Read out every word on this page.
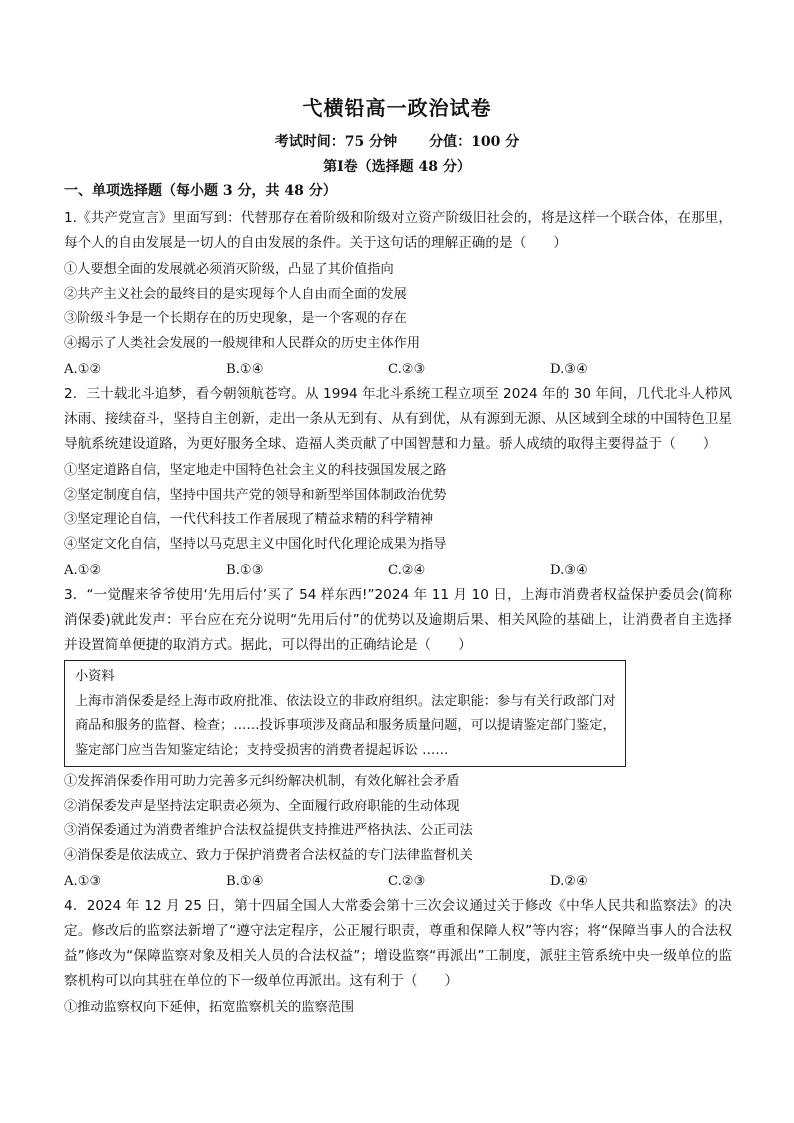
弋横铅高一政治试卷
考试时间：75 分钟 分值：100 分
第Ⅰ卷（选择题 48 分）
一、单项选择题（每小题 3 分，共 48 分）

1.《共产党宣言》里面写到：代替那存在着阶级和阶级对立资产阶级旧社会的，将是这样一个联合体，在那里，每个人的自由发展是一切人的自由发展的条件。关于这句话的理解正确的是（　　）

①人要想全面的发展就必须消灭阶级，凸显了其价值指向

②共产主义社会的最终目的是实现每个人自由而全面的发展

③阶级斗争是一个长期存在的历史现象，是一个客观的存在

④揭示了人类社会发展的一般规律和人民群众的历史主体作用

A.①②	B.①④	C.②③	D.③④

2．三十载北斗追梦，看今朝领航苍穹。从 1994 年北斗系统工程立项至 2024 年的 30 年间，几代北斗人栉风沐雨、接续奋斗，坚持自主创新，走出一条从无到有、从有到优，从有源到无源、从区域到全球的中国特色卫星导航系统建设道路，为更好服务全球、造福人类贡献了中国智慧和力量。骄人成绩的取得主要得益于（　　）

①坚定道路自信，坚定地走中国特色社会主义的科技强国发展之路

②坚定制度自信，坚持中国共产党的领导和新型举国体制政治优势

③坚定理论自信，一代代科技工作者展现了精益求精的科学精神

④坚定文化自信，坚持以马克思主义中国化时代化理论成果为指导

A.①②	B.①③	C.②④	D.③④

3．“一觉醒来爷爷使用‘先用后付’买了 54 样东西!”2024 年 11 月 10 日，上海市消费者权益保护委员会(简称消保委)就此发声：平台应在充分说明“先用后付”的优势以及逾期后果、相关风险的基础上，让消费者自主选择并设置简单便捷的取消方式。据此，可以得出的正确结论是（　　）

小资料

上海市消保委是经上海市政府批准、依法设立的非政府组织。法定职能：参与有关行政部门对商品和服务的监督、检查；……投诉事项涉及商品和服务质量问题，可以提请鉴定部门鉴定，鉴定部门应当告知鉴定结论；支持受损害的消费者提起诉讼 ……

①发挥消保委作用可助力完善多元纠纷解决机制，有效化解社会矛盾

②消保委发声是坚持法定职责必须为、全面履行政府职能的生动体现

③消保委通过为消费者维护合法权益提供支持推进严格执法、公正司法

④消保委是依法成立、致力于保护消费者合法权益的专门法律监督机关

A.①③	B.①④	C.②③	D.②④

4．2024 年 12 月 25 日，第十四届全国人大常委会第十三次会议通过关于修改《中华人民共和监察法》的决定。修改后的监察法新增了“遵守法定程序，公正履行职责，尊重和保障人权”等内容；将“保障当事人的合法权益”修改为“保障监察对象及相关人员的合法权益”；增设监察“再派出”工制度，派驻主管系统中央一级单位的监察机构可以向其驻在单位的下一级单位再派出。这有利于（　　）

①推动监察权向下延伸，拓宽监察机关的监察范围
